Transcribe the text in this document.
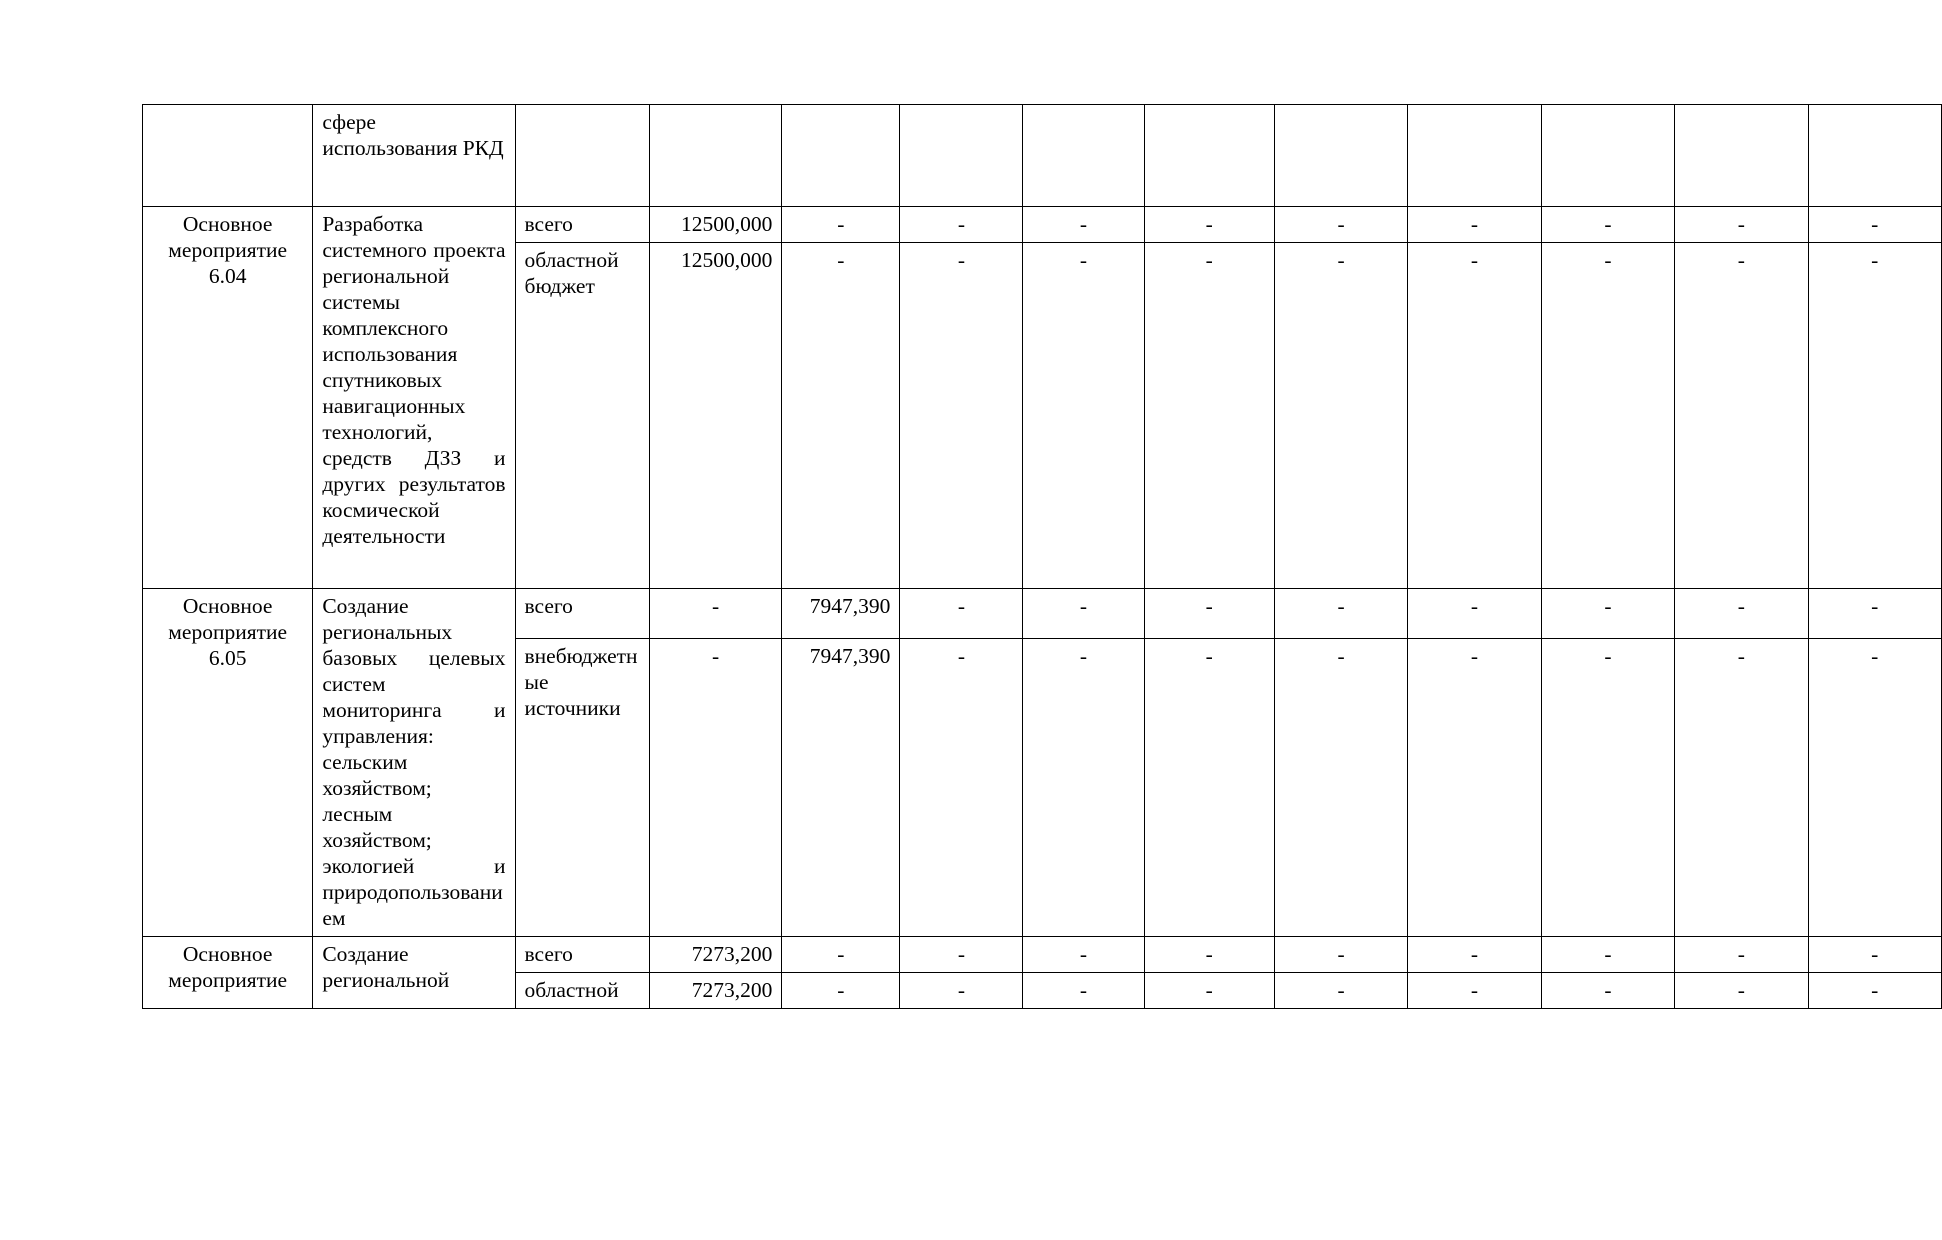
	сфере использования РКД											
Основное мероприятие 6.04	Разработка системного проекта региональной системы комплексного использования спутниковых навигационных технологий, средств ДЗЗ и других результатов космической деятельности	всего	12500,000	-	-	-	-	-	-	-	-	-
		областной бюджет	12500,000	-	-	-	-	-	-	-	-	-
Основное мероприятие 6.05	Создание региональных базовых целевых систем мониторинга и управления: сельским хозяйством; лесным хозяйством; экологией и природопользованием	всего	-	7947,390	-	-	-	-	-	-	-	-
		внебюджетные источники	-	7947,390	-	-	-	-	-	-	-	-
Основное мероприятие	Создание региональной	всего	7273,200	-	-	-	-	-	-	-	-	-
		областной	7273,200	-	-	-	-	-	-	-	-	-
